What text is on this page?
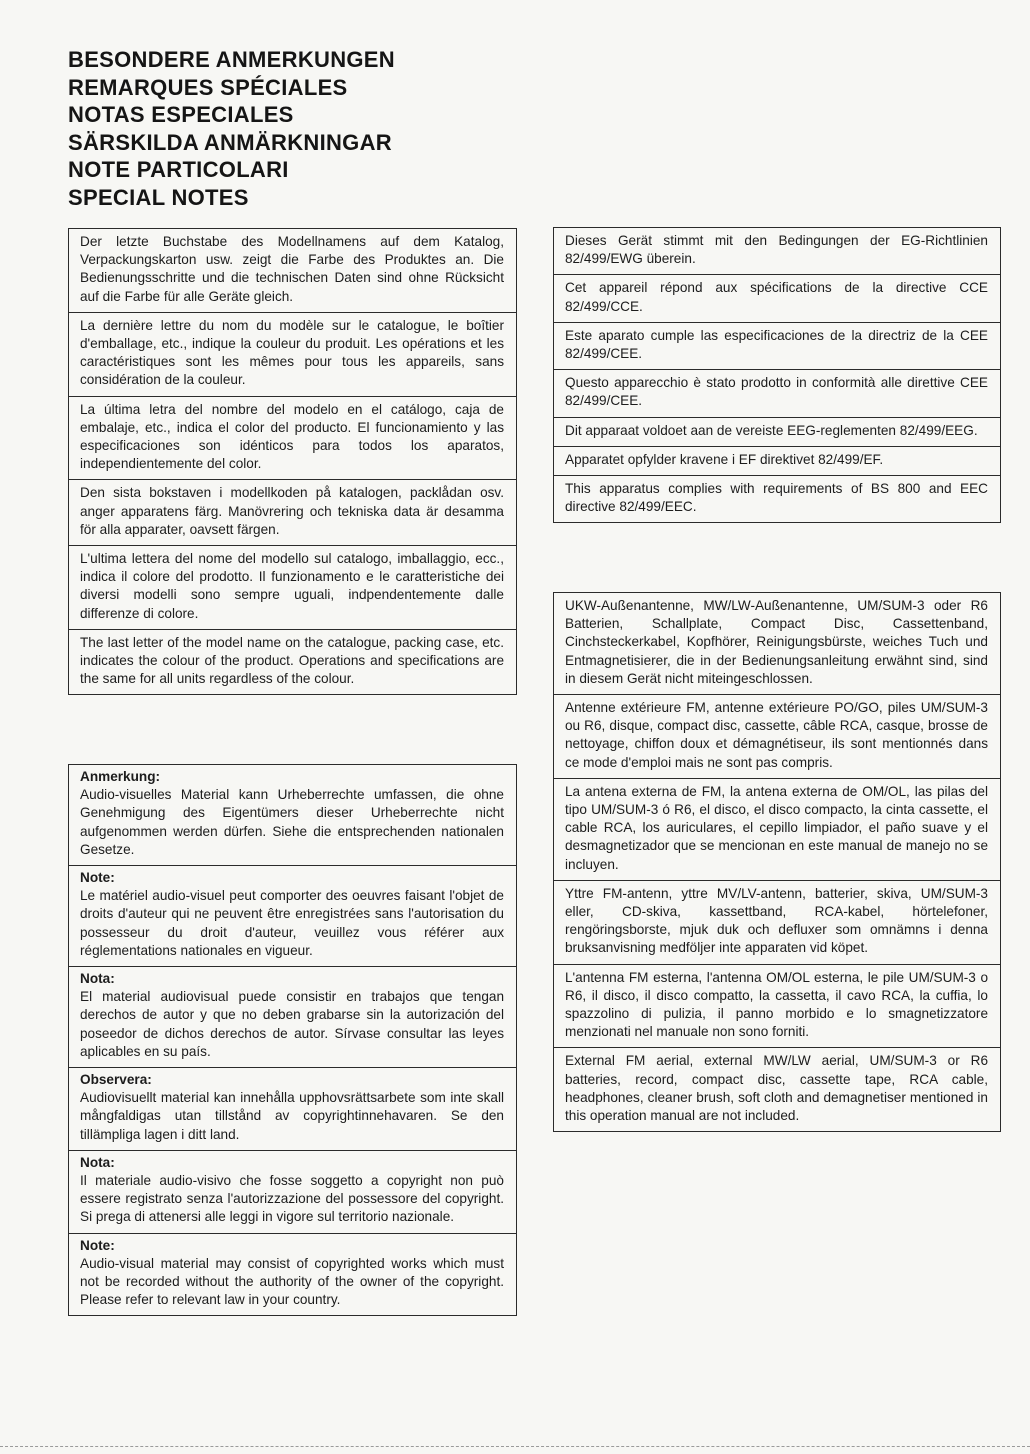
BESONDERE ANMERKUNGEN
REMARQUES SPÉCIALES
NOTAS ESPECIALES
SÄRSKILDA ANMÄRKNINGAR
NOTE PARTICOLARI
SPECIAL NOTES
Der letzte Buchstabe des Modellnamens auf dem Katalog, Verpackungskarton usw. zeigt die Farbe des Produktes an. Die Bedienungsschritte und die technischen Daten sind ohne Rücksicht auf die Farbe für alle Geräte gleich.
La dernière lettre du nom du modèle sur le catalogue, le boîtier d'emballage, etc., indique la couleur du produit. Les opérations et les caractéristiques sont les mêmes pour tous les appareils, sans considération de la couleur.
La última letra del nombre del modelo en el catálogo, caja de embalaje, etc., indica el color del producto. El funcionamiento y las especificaciones son idénticos para todos los aparatos, independientemente del color.
Den sista bokstaven i modellkoden på katalogen, packlådan osv. anger apparatens färg. Manövrering och tekniska data är desamma för alla apparater, oavsett färgen.
L'ultima lettera del nome del modello sul catalogo, imballaggio, ecc., indica il colore del prodotto. Il funzionamento e le caratteristiche dei diversi modelli sono sempre uguali, indpendentemente dalle differenze di colore.
The last letter of the model name on the catalogue, packing case, etc. indicates the colour of the product. Operations and specifications are the same for all units regardless of the colour.
Anmerkung:
Audio-visuelles Material kann Urheberrechte umfassen, die ohne Genehmigung des Eigentümers dieser Urheberrechte nicht aufgenommen werden dürfen. Siehe die entsprechenden nationalen Gesetze.
Note:
Le matériel audio-visuel peut comporter des oeuvres faisant l'objet de droits d'auteur qui ne peuvent être enregistrées sans l'autorisation du possesseur du droit d'auteur, veuillez vous référer aux réglementations nationales en vigueur.
Nota:
El material audiovisual puede consistir en trabajos que tengan derechos de autor y que no deben grabarse sin la autorización del poseedor de dichos derechos de autor. Sírvase consultar las leyes aplicables en su país.
Observera:
Audiovisuellt material kan innehålla upphovsrättsarbete som inte skall mångfaldigas utan tillstånd av copyrightinnehavaren. Se den tillämpliga lagen i ditt land.
Nota:
Il materiale audio-visivo che fosse soggetto a copyright non può essere registrato senza l'autorizzazione del possessore del copyright. Si prega di attenersi alle leggi in vigore sul territorio nazionale.
Note:
Audio-visual material may consist of copyrighted works which must not be recorded without the authority of the owner of the copyright. Please refer to relevant law in your country.
Dieses Gerät stimmt mit den Bedingungen der EG-Richtlinien 82/499/EWG überein.
Cet appareil répond aux spécifications de la directive CCE 82/499/CCE.
Este aparato cumple las especificaciones de la directriz de la CEE 82/499/CEE.
Questo apparecchio è stato prodotto in conformità alle direttive CEE 82/499/CEE.
Dit apparaat voldoet aan de vereiste EEG-reglementen 82/499/EEG.
Apparatet opfylder kravene i EF direktivet 82/499/EF.
This apparatus complies with requirements of BS 800 and EEC directive 82/499/EEC.
UKW-Außenantenne, MW/LW-Außenantenne, UM/SUM-3 oder R6 Batterien, Schallplate, Compact Disc, Cassettenband, Cinchsteckerkabel, Kopfhörer, Reinigungsbürste, weiches Tuch und Entmagnetisierer, die in der Bedienungsanleitung erwähnt sind, sind in diesem Gerät nicht miteingeschlossen.
Antenne extérieure FM, antenne extérieure PO/GO, piles UM/SUM-3 ou R6, disque, compact disc, cassette, câble RCA, casque, brosse de nettoyage, chiffon doux et démagnétiseur, ils sont mentionnés dans ce mode d'emploi mais ne sont pas compris.
La antena externa de FM, la antena externa de OM/OL, las pilas del tipo UM/SUM-3 ó R6, el disco, el disco compacto, la cinta cassette, el cable RCA, los auriculares, el cepillo limpiador, el paño suave y el desmagnetizador que se mencionan en este manual de manejo no se incluyen.
Yttre FM-antenn, yttre MV/LV-antenn, batterier, skiva, UM/SUM-3 eller, CD-skiva, kassettband, RCA-kabel, hörtelefoner, rengöringsborste, mjuk duk och defluxer som omnämns i denna bruksanvisning medföljer inte apparaten vid köpet.
L'antenna FM esterna, l'antenna OM/OL esterna, le pile UM/SUM-3 o R6, il disco, il disco compatto, la cassetta, il cavo RCA, la cuffia, lo spazzolino di pulizia, il panno morbido e lo smagnetizzatore menzionati nel manuale non sono forniti.
External FM aerial, external MW/LW aerial, UM/SUM-3 or R6 batteries, record, compact disc, cassette tape, RCA cable, headphones, cleaner brush, soft cloth and demagnetiser mentioned in this operation manual are not included.
